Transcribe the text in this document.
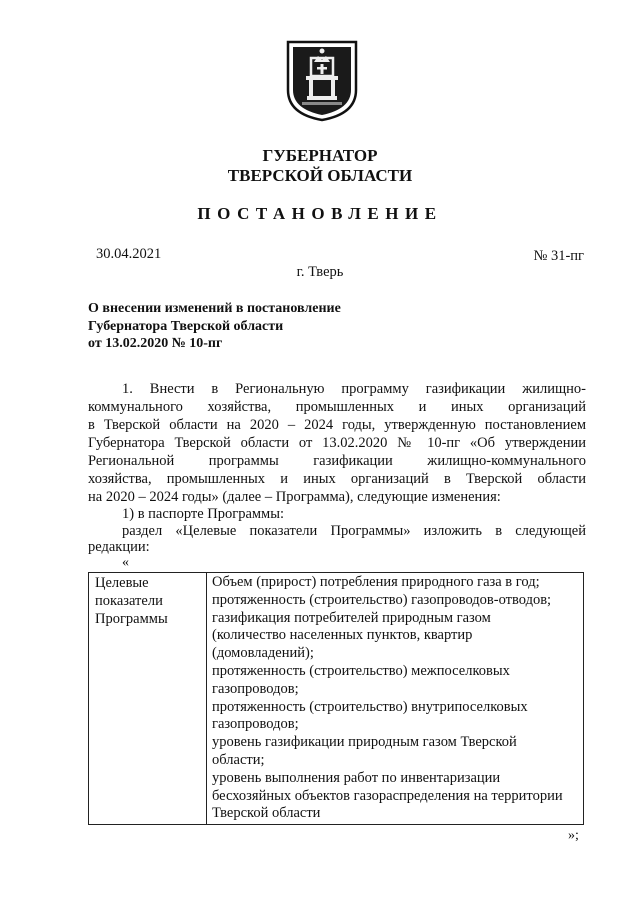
ГУБЕРНАТОР
ТВЕРСКОЙ ОБЛАСТИ
ПОСТАНОВЛЕНИЕ
30.04.2021	№ 31-пг
г. Тверь
О внесении изменений в постановление
Губернатора Тверской области
от 13.02.2020 № 10-пг
1. Внести в Региональную программу газификации жилищно-
коммунального хозяйства, промышленных и иных организаций
в Тверской области на 2020 – 2024 годы, утвержденную постановлением
Губернатора Тверской области от 13.02.2020 № 10-пг «Об утверждении
Региональной программы газификации жилищно-коммунального
хозяйства, промышленных и иных организаций в Тверской области
на 2020 – 2024 годы» (далее – Программа), следующие изменения:
1) в паспорте Программы:
раздел «Целевые показатели Программы» изложить в следующей
редакции:
«
Целевые
показатели
Программы
Объем (прирост) потребления природного газа в год;
протяженность (строительство) газопроводов-отводов;
газификация потребителей природным газом
(количество населенных пунктов, квартир
(домовладений);
протяженность (строительство) межпоселковых
газопроводов;
протяженность (строительство) внутрипоселковых
газопроводов;
уровень газификации природным газом Тверской
области;
уровень выполнения работ по инвентаризации
бесхозяйных объектов газораспределения на территории
Тверской области
»;
